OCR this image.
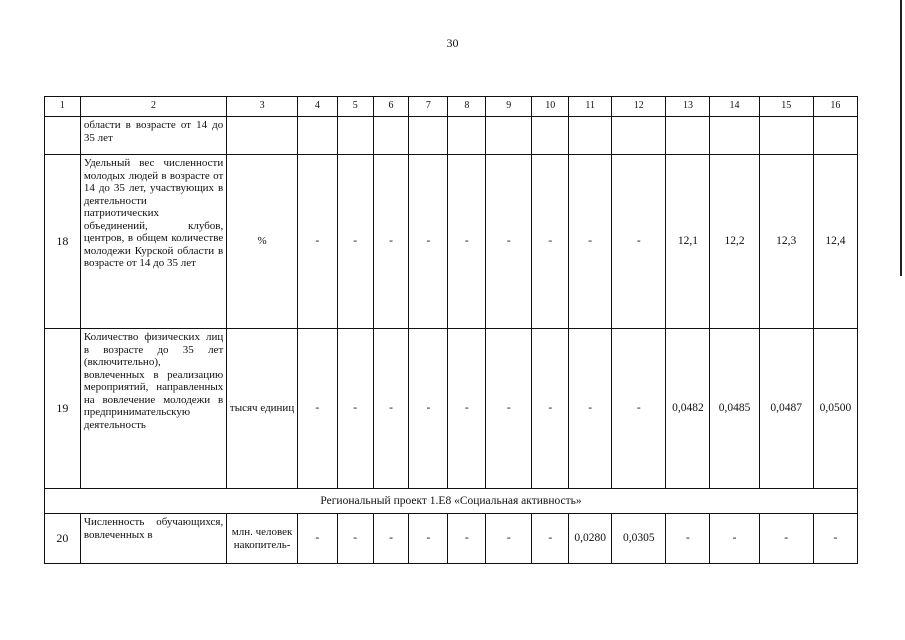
30
1	2	3	4	5	6	7	8	9	10	11	12	13	14	15	16
	области в возрасте от 14 до 35 лет														
18	Удельный вес численности молодых людей в возрасте от 14 до 35 лет, участвующих в деятельности патриотических объединений, клубов, центров, в общем количестве молодежи Курской области в возрасте от 14 до 35 лет	%	-	-	-	-	-	-	-	-	-	12,1	12,2	12,3	12,4
19	Количество физических лиц в возрасте до 35 лет (включительно), вовлеченных в реализацию мероприятий, направленных на вовлечение молодежи в предпринимательскую деятельность	тысяч единиц	-	-	-	-	-	-	-	-	-	0,0482	0,0485	0,0487	0,0500
Региональный проект 1.Е8 «Социальная активность»															
20	Численность обучающихся, вовлеченных в	млн. человек накопитель-	-	-	-	-	-	-	-	0,0280	0,0305	-	-	-	-
